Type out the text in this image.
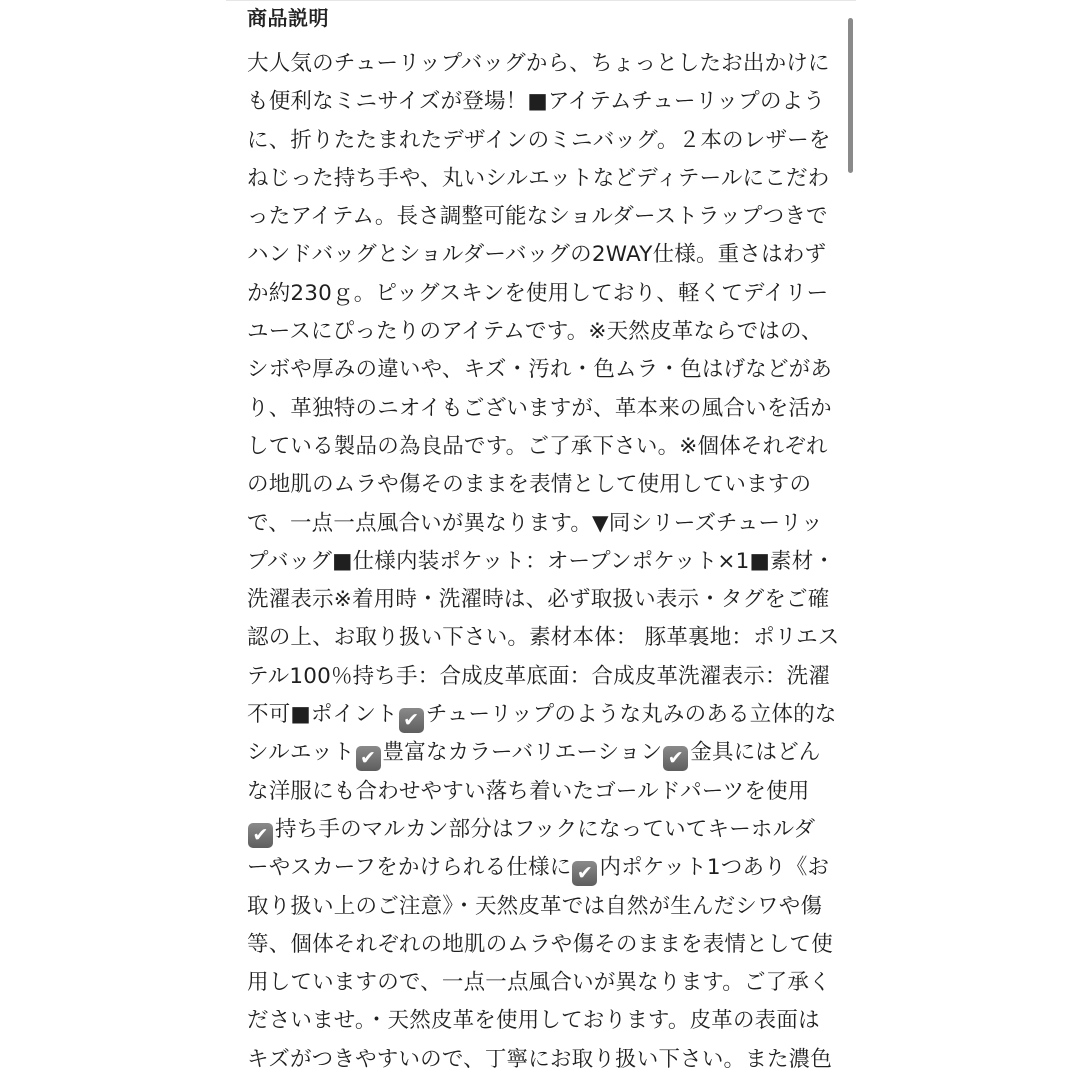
商品説明
大人気のチューリップバッグから、ちょっとしたお出かけに
も便利なミニサイズが登場！■アイテムチューリップのよう
に、折りたたまれたデザインのミニバッグ。２本のレザーを
ねじった持ち手や、丸いシルエットなどディテールにこだわ
ったアイテム。長さ調整可能なショルダーストラップつきで
ハンドバッグとショルダーバッグの2WAY仕様。重さはわず
か約230ｇ。ピッグスキンを使用しており、軽くてデイリー
ユースにぴったりのアイテムです。※天然皮革ならではの、
シボや厚みの違いや、キズ・汚れ・色ムラ・色はげなどがあ
り、革独特のニオイもございますが、革本来の風合いを活か
している製品の為良品です。ご了承下さい。※個体それぞれ
の地肌のムラや傷そのままを表情として使用していますの
で、一点一点風合いが異なります。▼同シリーズチューリッ
プバッグ■仕様内装ポケット：オープンポケット×1■素材・
洗濯表示※着用時・洗濯時は、必ず取扱い表示・タグをご確
認の上、お取り扱い下さい。素材本体： 豚革裏地：ポリエス
テル100％持ち手：合成皮革底面：合成皮革洗濯表示：洗濯
不可■ポイント ✔ チューリップのような丸みのある立体的な
シルエット ✔ 豊富なカラーバリエーション ✔ 金具にはどん
な洋服にも合わせやすい落ち着いたゴールドパーツを使用
✔ 持ち手のマルカン部分はフックになっていてキーホルダ
ーやスカーフをかけられる仕様に ✔ 内ポケット1つあり《お
取り扱い上のご注意》・天然皮革では自然が生んだシワや傷
等、個体それぞれの地肌のムラや傷そのままを表情として使
用していますので、一点一点風合いが異なります。ご了承く
ださいませ。・天然皮革を使用しております。皮革の表面は
キズがつきやすいので、丁寧にお取り扱い下さい。また濃色
